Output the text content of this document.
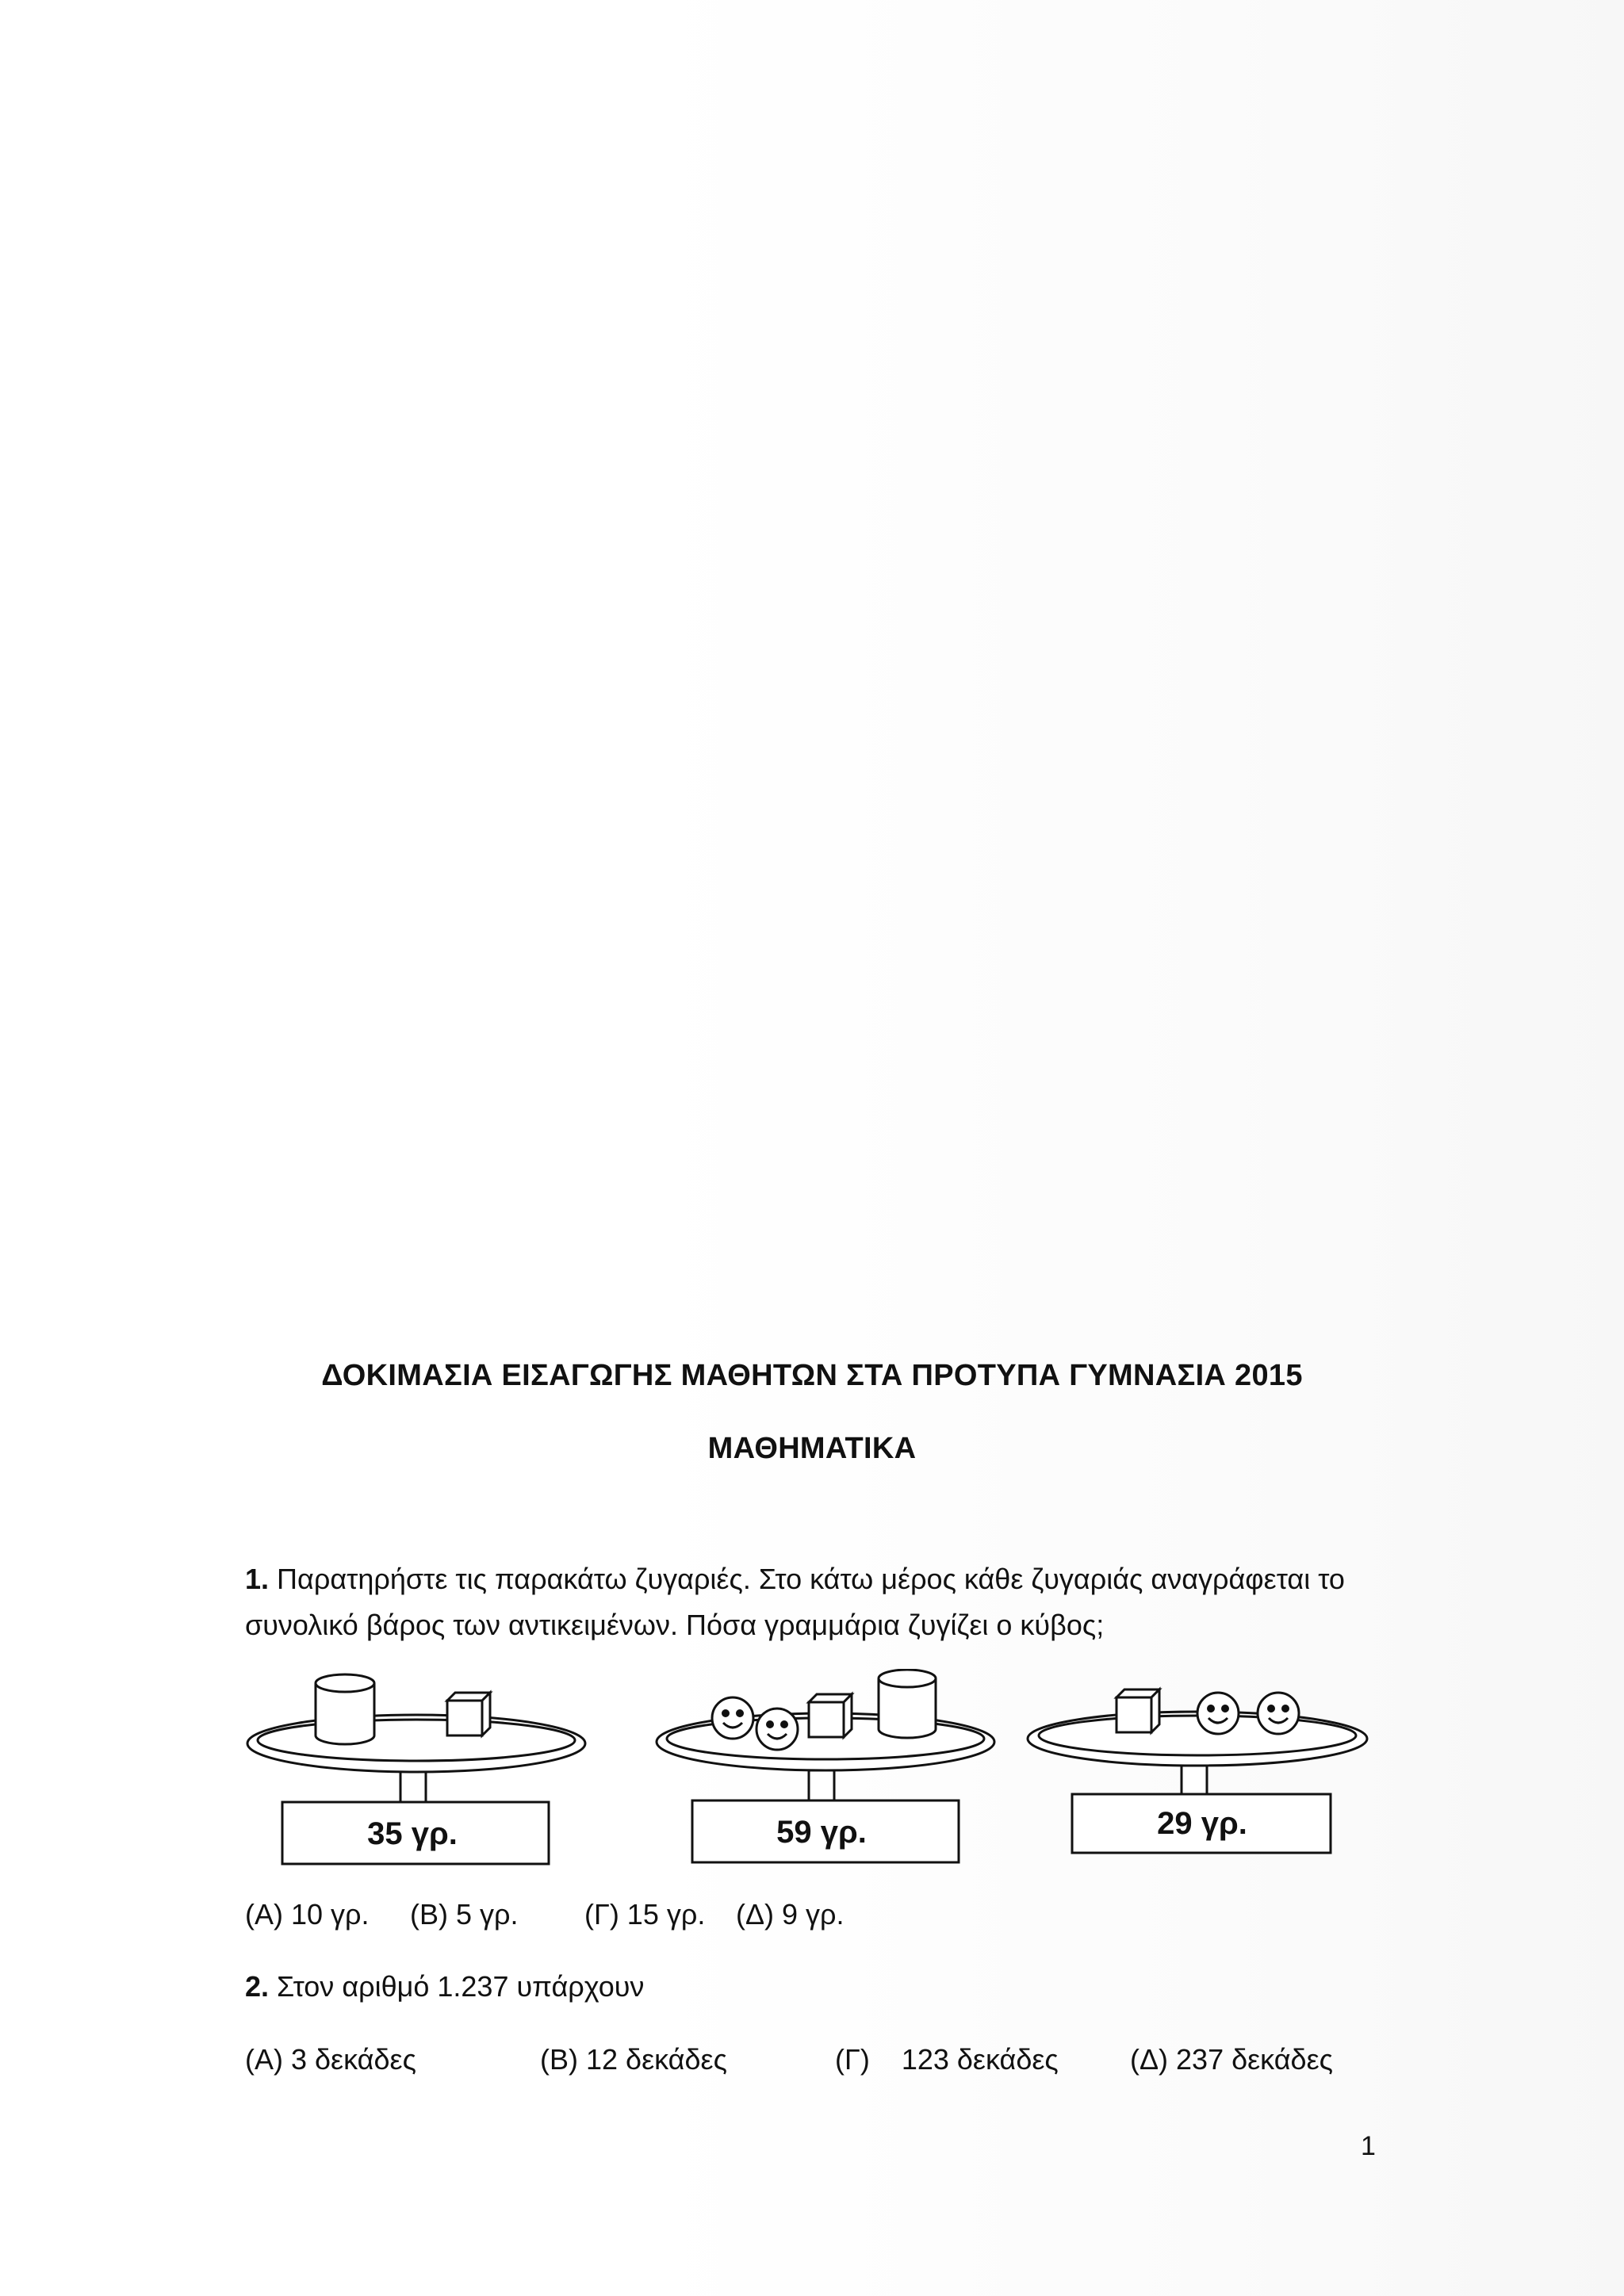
ΔΟΚΙΜΑΣΙΑ ΕΙΣΑΓΩΓΗΣ ΜΑΘΗΤΩΝ ΣΤΑ ΠΡΟΤΥΠΑ ΓΥΜΝΑΣΙΑ 2015
ΜΑΘΗΜΑΤΙΚΑ
1. Παρατηρήστε τις παρακάτω ζυγαριές. Στο κάτω μέρος κάθε ζυγαριάς αναγράφεται το συνολικό βάρος των αντικειμένων. Πόσα γραμμάρια ζυγίζει ο κύβος;
35 γρ.	59 γρ.	29 γρ.
(Α) 10 γρ. (Β) 5 γρ. (Γ) 15 γρ. (Δ) 9 γρ.
2. Στον αριθμό 1.237 υπάρχουν
(Α) 3 δεκάδες	(Β) 12 δεκάδες	(Γ)    123 δεκάδες	(Δ) 237 δεκάδες
1
